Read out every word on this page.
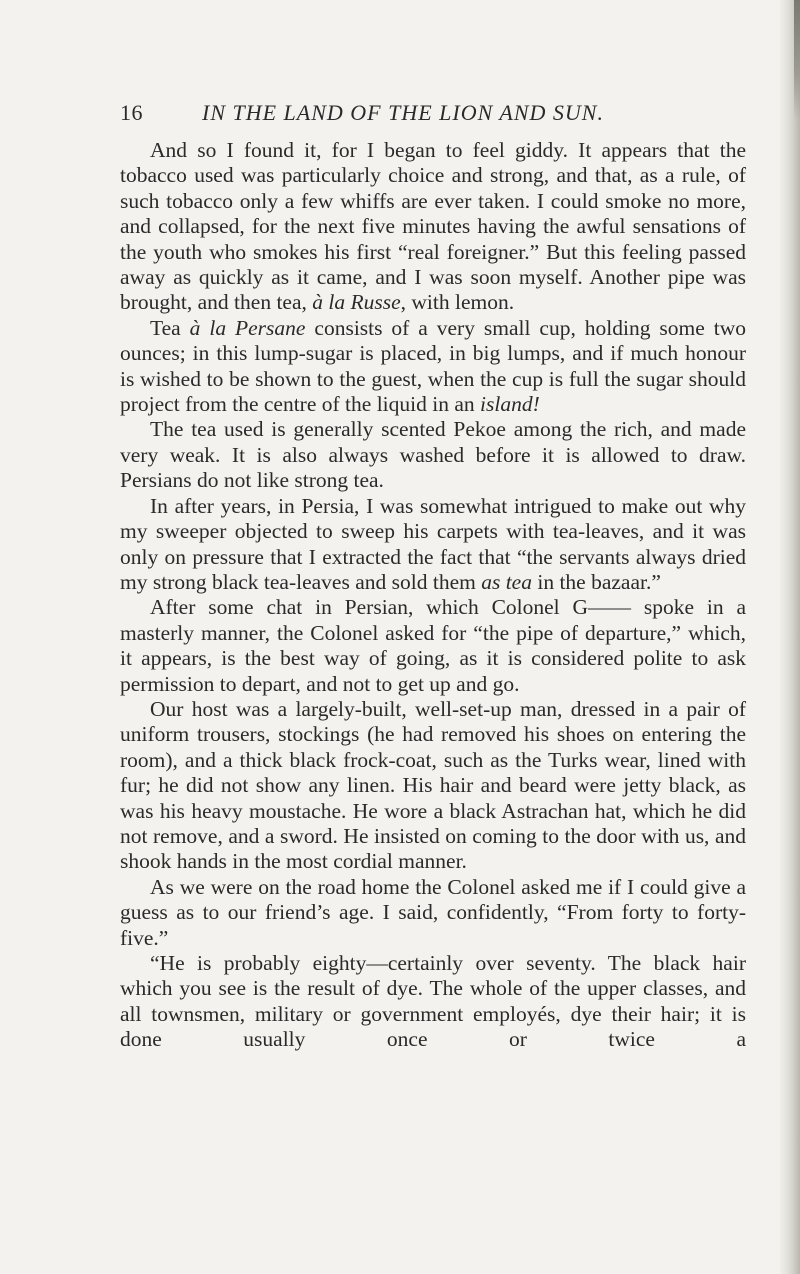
16	IN THE LAND OF THE LION AND SUN.

And so I found it, for I began to feel giddy. It appears that the tobacco used was particularly choice and strong, and that, as a rule, of such tobacco only a few whiffs are ever taken. I could smoke no more, and collapsed, for the next five minutes having the awful sensations of the youth who smokes his first “real foreigner.” But this feeling passed away as quickly as it came, and I was soon myself. Another pipe was brought, and then tea, à la Russe, with lemon.

Tea à la Persane consists of a very small cup, holding some two ounces; in this lump-sugar is placed, in big lumps, and if much honour is wished to be shown to the guest, when the cup is full the sugar should project from the centre of the liquid in an island!

The tea used is generally scented Pekoe among the rich, and made very weak. It is also always washed before it is allowed to draw. Persians do not like strong tea.

In after years, in Persia, I was somewhat intrigued to make out why my sweeper objected to sweep his carpets with tea-leaves, and it was only on pressure that I extracted the fact that “the servants always dried my strong black tea-leaves and sold them as tea in the bazaar.”

After some chat in Persian, which Colonel G—— spoke in a masterly manner, the Colonel asked for “the pipe of departure,” which, it appears, is the best way of going, as it is considered polite to ask permission to depart, and not to get up and go.

Our host was a largely-built, well-set-up man, dressed in a pair of uniform trousers, stockings (he had removed his shoes on entering the room), and a thick black frock-coat, such as the Turks wear, lined with fur; he did not show any linen. His hair and beard were jetty black, as was his heavy moustache. He wore a black Astrachan hat, which he did not remove, and a sword. He insisted on coming to the door with us, and shook hands in the most cordial manner.

As we were on the road home the Colonel asked me if I could give a guess as to our friend’s age. I said, confidently, “From forty to forty-five.”

“He is probably eighty—certainly over seventy. The black hair which you see is the result of dye. The whole of the upper classes, and all townsmen, military or government employés, dye their hair; it is done usually once or twice a
